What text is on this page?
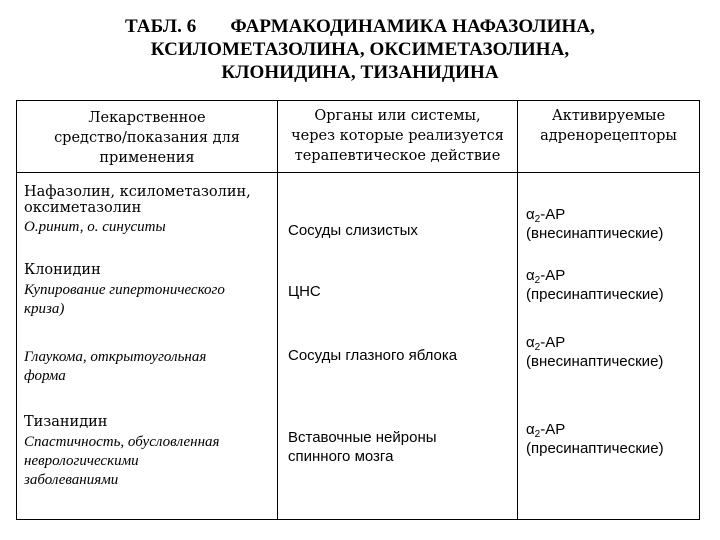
ТАБЛ. 6 ФАРМАКОДИНАМИКА НАФАЗОЛИНА,
КСИЛОМЕТАЗОЛИНА, ОКСИМЕТАЗОЛИНА,
КЛОНИДИНА, ТИЗАНИДИНА
Лекарственное
средство/показания для
применения
Органы или системы,
через которые реализуется
терапевтическое действие
Активируемые
адренорецепторы
Нафазолин, ксилометазолин,
оксиметазолин
O.ринит, о. синуситы	Сосуды слизистых
$\alpha_2-АР$
(внесинаптические)
Клонидин
Купирование гипертонического
криза)
ЦНС
$\alpha_2-АР$
(пресинаптические)
Глаукома, открытоугольная
форма
Сосуды глазного яблока
$\alpha_2-АР$
(внесинаптические)
Тизанидин
Спастичность, обусловленная
неврологическими
заболеваниями
Вставочные нейроны
спинного мозга
$\alpha_2-АР$
(пресинаптические)
